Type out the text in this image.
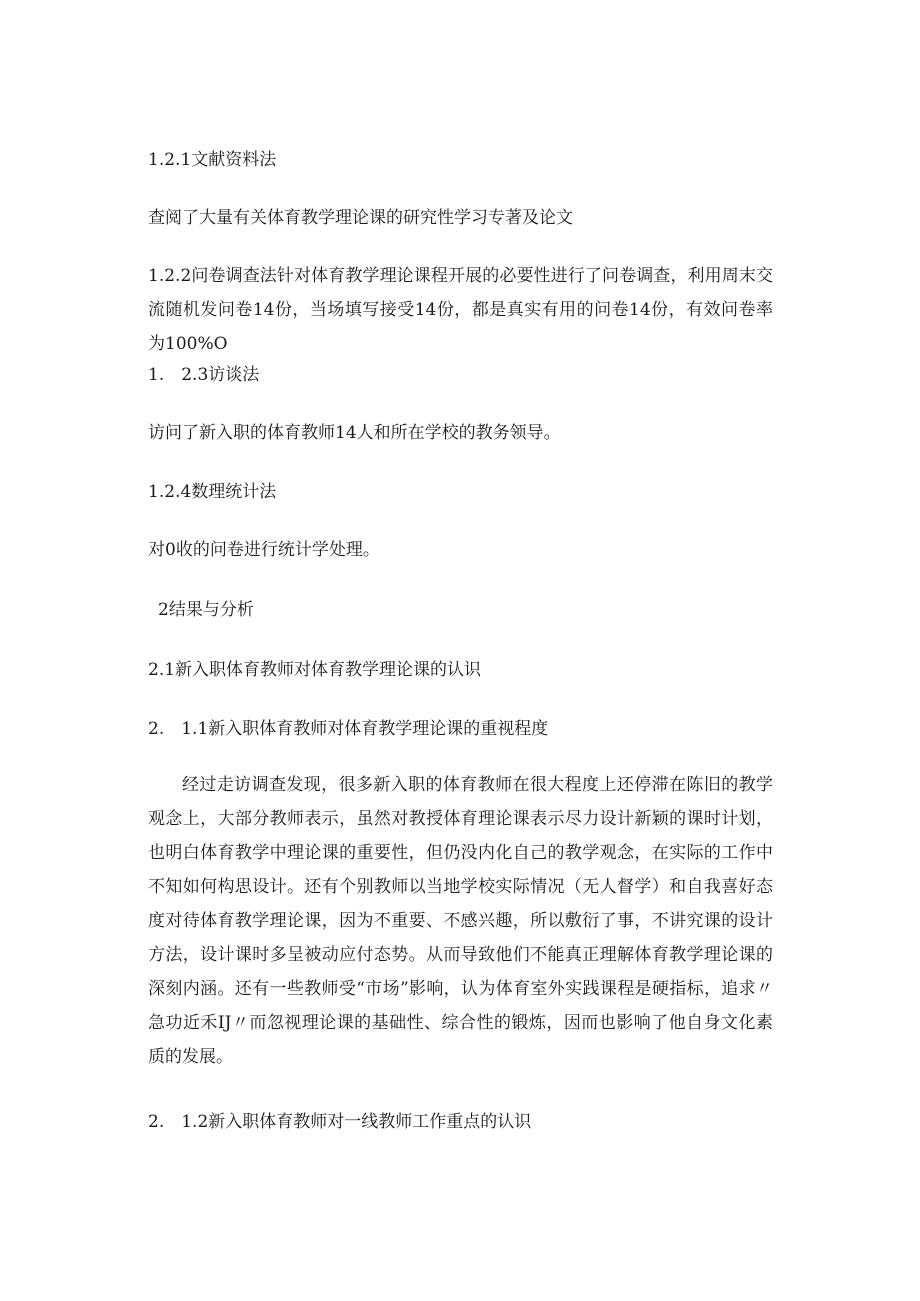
1.2.1文献资料法
查阅了大量有关体育教学理论课的研究性学习专著及论文
1.2.2问卷调查法针对体育教学理论课程开展的必要性进行了问卷调查，利用周末交流随机发问卷14份，当场填写接受14份，都是真实有用的问卷14份，有效问卷率为100%O
1.　2.3访谈法
访问了新入职的体育教师14人和所在学校的教务领导。
1.2.4数理统计法
对0收的问卷进行统计学处理。
2结果与分析
2.1新入职体育教师对体育教学理论课的认识
2.　1.1新入职体育教师对体育教学理论课的重视程度
经过走访调查发现，很多新入职的体育教师在很大程度上还停滞在陈旧的教学观念上，大部分教师表示，虽然对教授体育理论课表示尽力设计新颖的课时计划，也明白体育教学中理论课的重要性，但仍没内化自己的教学观念，在实际的工作中不知如何构思设计。还有个别教师以当地学校实际情况（无人督学）和自我喜好态度对待体育教学理论课，因为不重要、不感兴趣，所以敷衍了事，不讲究课的设计方法，设计课时多呈被动应付态势。从而导致他们不能真正理解体育教学理论课的深刻内涵。还有一些教师受“市场”影响，认为体育室外实践课程是硬指标，追求〃急功近禾IJ〃而忽视理论课的基础性、综合性的锻炼，因而也影响了他自身文化素质的发展。
2.　1.2新入职体育教师对一线教师工作重点的认识
